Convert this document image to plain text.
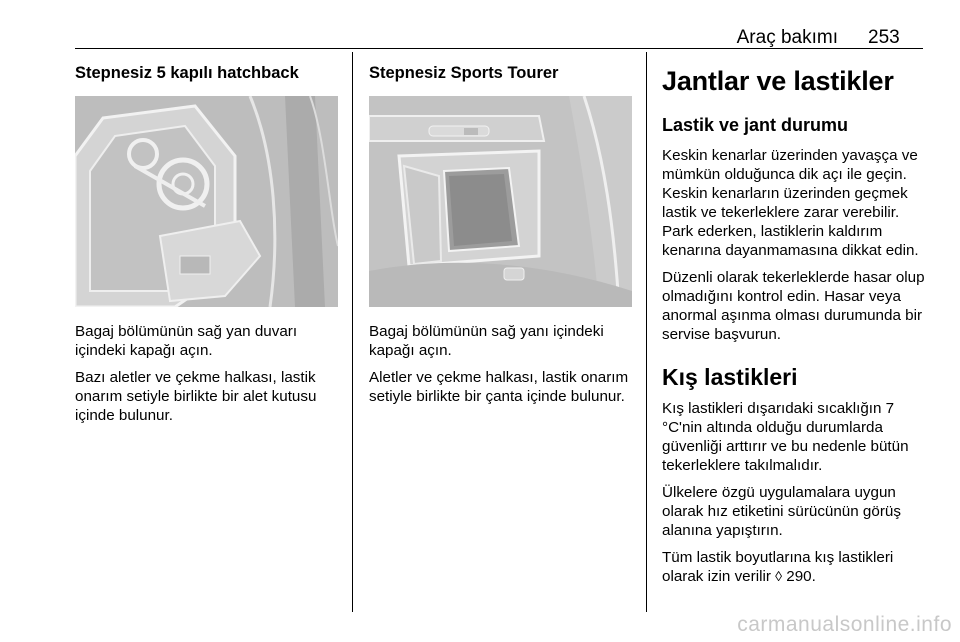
Araç bakımı 253
Stepnesiz 5 kapılı hatchback

Bagaj bölümünün sağ yan duvarı içindeki kapağı açın.

Bazı aletler ve çekme halkası, lastik onarım setiyle birlikte bir alet kutusu içinde bulunur.

Stepnesiz Sports Tourer

Bagaj bölümünün sağ yanı içindeki kapağı açın.

Aletler ve çekme halkası, lastik onarım setiyle birlikte bir çanta içinde bulunur.

Jantlar ve lastikler
Lastik ve jant durumu

Keskin kenarlar üzerinden yavaşça ve mümkün olduğunca dik açı ile geçin. Keskin kenarların üzerinden geçmek lastik ve tekerleklere zarar verebilir. Park ederken, lastiklerin kaldırım kenarına dayanmamasına dikkat edin.

Düzenli olarak tekerleklerde hasar olup olmadığını kontrol edin. Hasar veya anormal aşınma olması durumunda bir servise başvurun.

Kış lastikleri

Kış lastikleri dışarıdaki sıcaklığın 7 °C'nin altında olduğu durumlarda güvenliği arttırır ve bu nedenle bütün tekerleklere takılmalıdır.

Ülkelere özgü uygulamalara uygun olarak hız etiketini sürücünün görüş alanına yapıştırın.

Tüm lastik boyutlarına kış lastikleri olarak izin verilir ◊ 290.

carmanualsonline.info
